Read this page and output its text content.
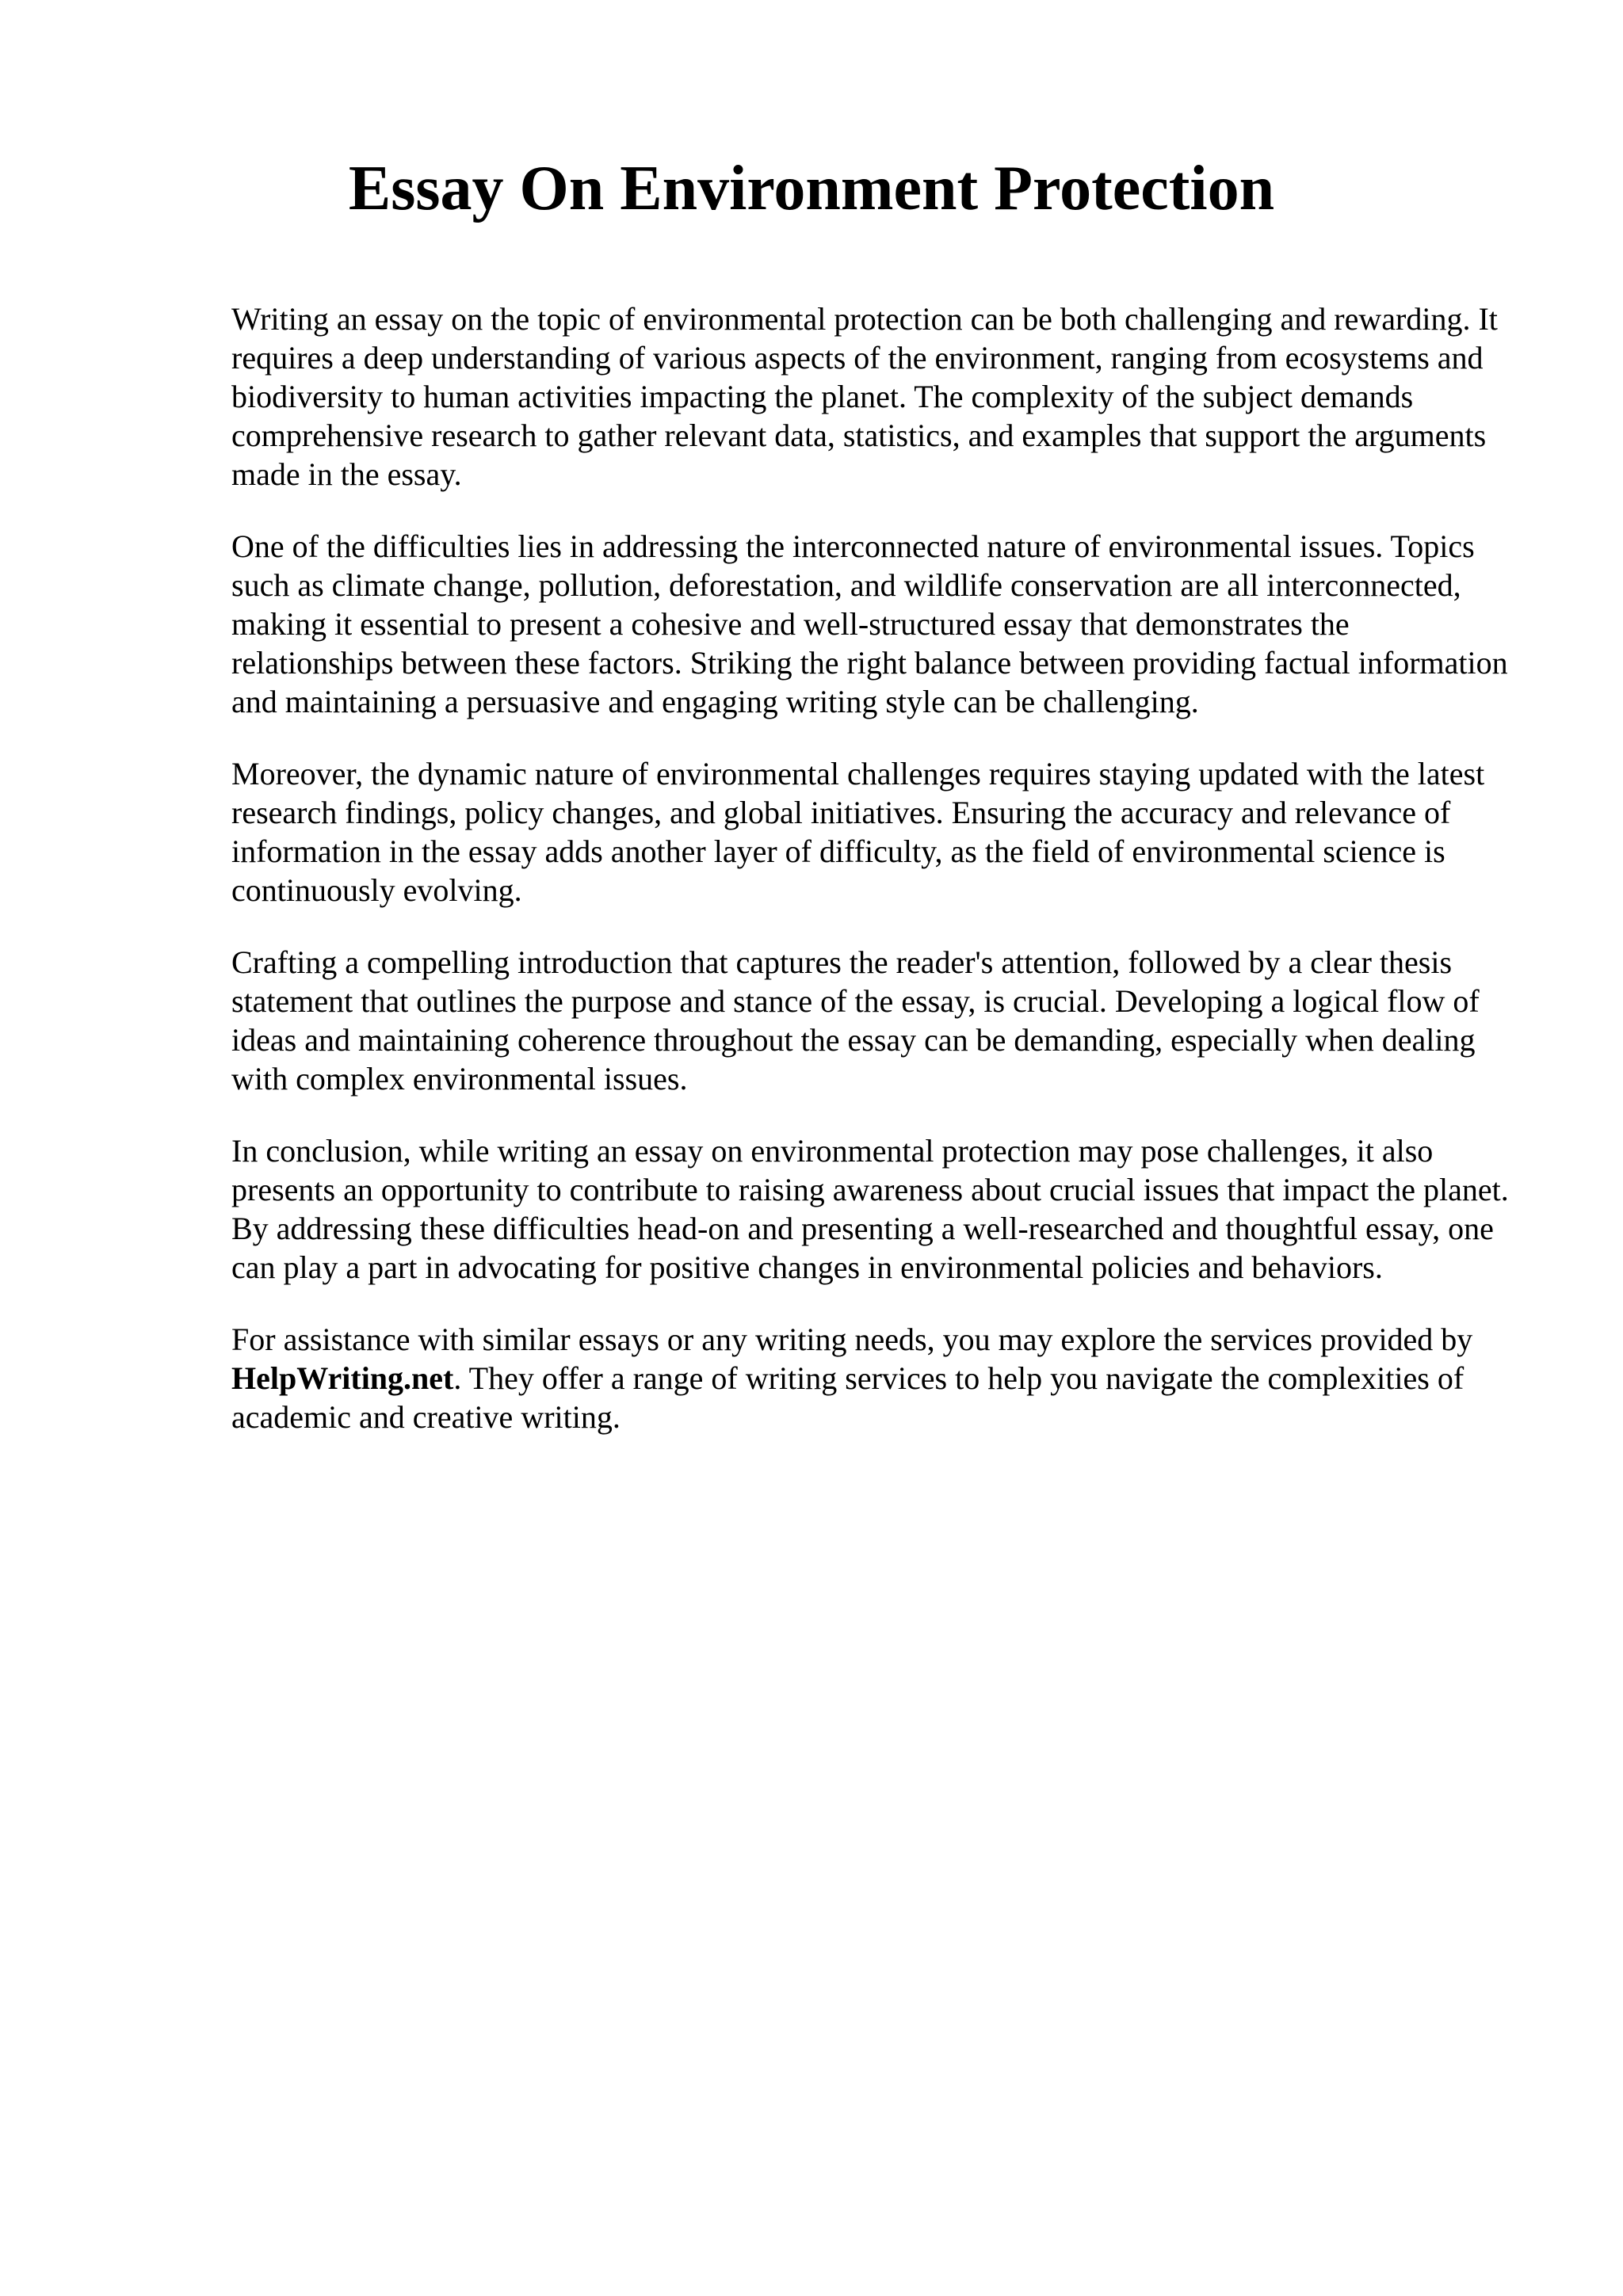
Essay On Environment Protection

Writing an essay on the topic of environmental protection can be both challenging and rewarding. It requires a deep understanding of various aspects of the environment, ranging from ecosystems and biodiversity to human activities impacting the planet. The complexity of the subject demands comprehensive research to gather relevant data, statistics, and examples that support the arguments made in the essay.

One of the difficulties lies in addressing the interconnected nature of environmental issues. Topics such as climate change, pollution, deforestation, and wildlife conservation are all interconnected, making it essential to present a cohesive and well-structured essay that demonstrates the relationships between these factors. Striking the right balance between providing factual information and maintaining a persuasive and engaging writing style can be challenging.

Moreover, the dynamic nature of environmental challenges requires staying updated with the latest research findings, policy changes, and global initiatives. Ensuring the accuracy and relevance of information in the essay adds another layer of difficulty, as the field of environmental science is continuously evolving.

Crafting a compelling introduction that captures the reader's attention, followed by a clear thesis statement that outlines the purpose and stance of the essay, is crucial. Developing a logical flow of ideas and maintaining coherence throughout the essay can be demanding, especially when dealing with complex environmental issues.

In conclusion, while writing an essay on environmental protection may pose challenges, it also presents an opportunity to contribute to raising awareness about crucial issues that impact the planet. By addressing these difficulties head-on and presenting a well-researched and thoughtful essay, one can play a part in advocating for positive changes in environmental policies and behaviors.

For assistance with similar essays or any writing needs, you may explore the services provided by HelpWriting.net. They offer a range of writing services to help you navigate the complexities of academic and creative writing.
